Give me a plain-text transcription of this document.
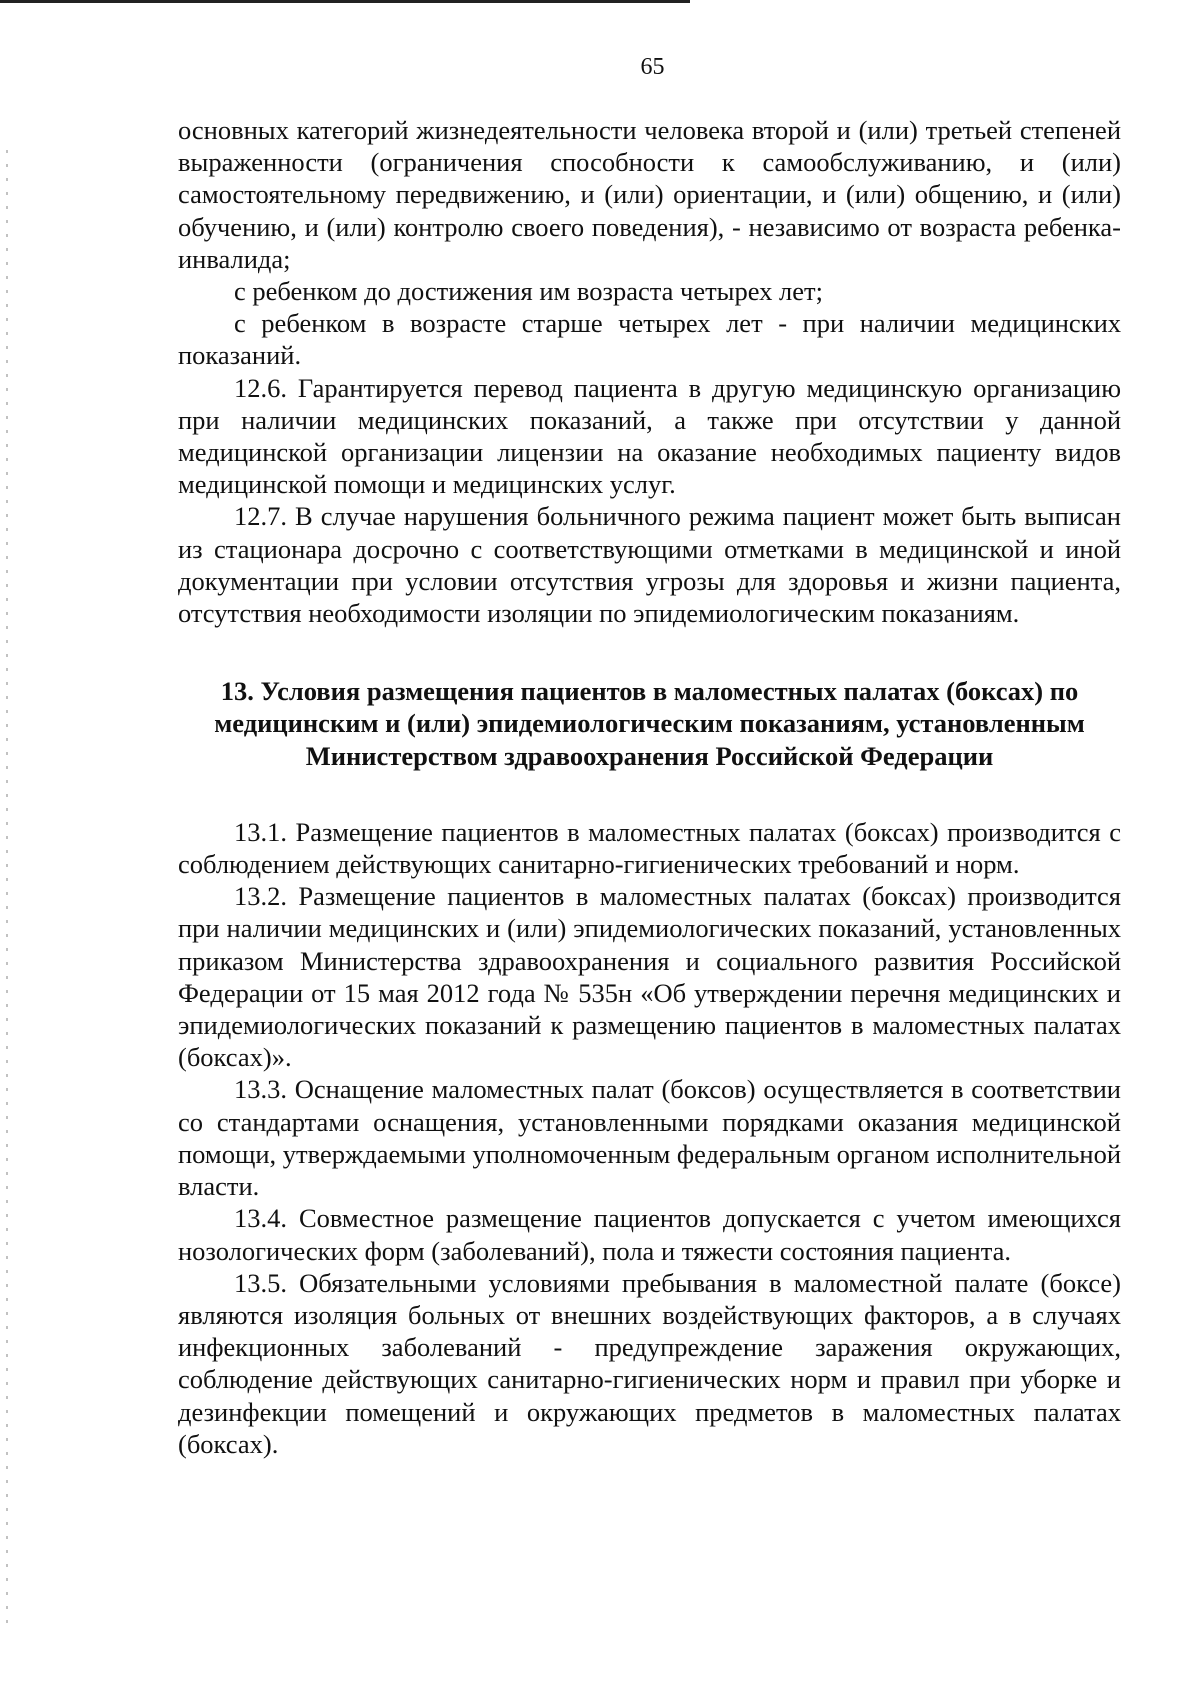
65

основных категорий жизнедеятельности человека второй и (или) третьей степеней выраженности (ограничения способности к самообслуживанию, и (или) самостоятельному передвижению, и (или) ориентации, и (или) общению, и (или) обучению, и (или) контролю своего поведения), - независимо от возраста ребенка-инвалида;

с ребенком до достижения им возраста четырех лет;

с ребенком в возрасте старше четырех лет - при наличии медицинских показаний.

12.6. Гарантируется перевод пациента в другую медицинскую организацию при наличии медицинских показаний, а также при отсутствии у данной медицинской организации лицензии на оказание необходимых пациенту видов медицинской помощи и медицинских услуг.

12.7. В случае нарушения больничного режима пациент может быть выписан из стационара досрочно с соответствующими отметками в медицинской и иной документации при условии отсутствия угрозы для здоровья и жизни пациента, отсутствия необходимости изоляции по эпидемиологическим показаниям.

13. Условия размещения пациентов в маломестных палатах (боксах) по медицинским и (или) эпидемиологическим показаниям, установленным Министерством здравоохранения Российской Федерации

13.1. Размещение пациентов в маломестных палатах (боксах) производится с соблюдением действующих санитарно-гигиенических требований и норм.

13.2. Размещение пациентов в маломестных палатах (боксах) производится при наличии медицинских и (или) эпидемиологических показаний, установленных приказом Министерства здравоохранения и социального развития Российской Федерации от 15 мая 2012 года № 535н «Об утверждении перечня медицинских и эпидемиологических показаний к размещению пациентов в маломестных палатах (боксах)».

13.3. Оснащение маломестных палат (боксов) осуществляется в соответствии со стандартами оснащения, установленными порядками оказания медицинской помощи, утверждаемыми уполномоченным федеральным органом исполнительной власти.

13.4. Совместное размещение пациентов допускается с учетом имеющихся нозологических форм (заболеваний), пола и тяжести состояния пациента.

13.5. Обязательными условиями пребывания в маломестной палате (боксе) являются изоляция больных от внешних воздействующих факторов, а в случаях инфекционных заболеваний - предупреждение заражения окружающих, соблюдение действующих санитарно-гигиенических норм и правил при уборке и дезинфекции помещений и окружающих предметов в маломестных палатах (боксах).
